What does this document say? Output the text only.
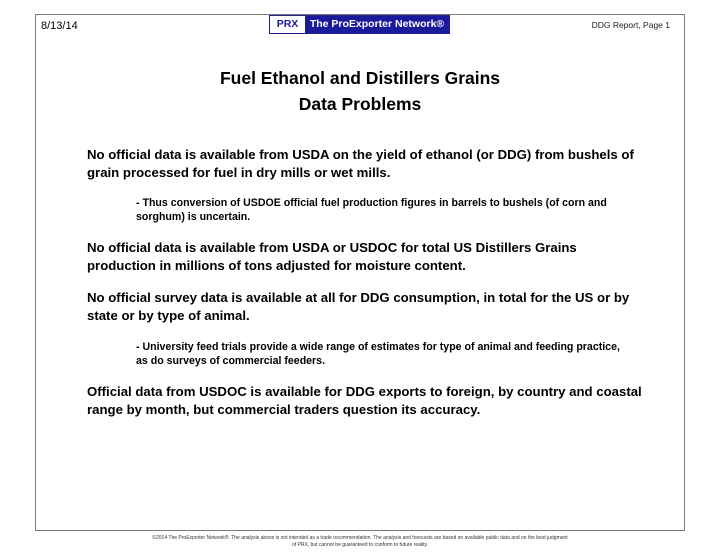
8/13/14	PRX	The ProExporter Network®	DDG Report, Page 1
Fuel Ethanol and Distillers Grains
Data Problems
No official data is available from USDA on the yield of ethanol (or DDG) from bushels of grain processed for fuel in dry mills or wet mills.
- Thus conversion of USDOE official fuel production figures in barrels to bushels (of corn and sorghum) is uncertain.
No official data is available from USDA or USDOC for total US Distillers Grains production in millions of tons adjusted for moisture content.
No official survey data is available at all for DDG consumption, in total for the US or by state or by type of animal.
- University feed trials provide a wide range of estimates for type of animal and feeding practice, as do surveys of commercial feeders.
Official data from USDOC is available for DDG exports to foreign, by country and coastal range by month, but commercial traders question its accuracy.
©2014 The ProExporter Network®. The analysis above is not intended as a trade recommendation. The analysis and forecasts are based on available public data and on the best judgment
of PRX, but cannot be guaranteed to conform to future reality.
